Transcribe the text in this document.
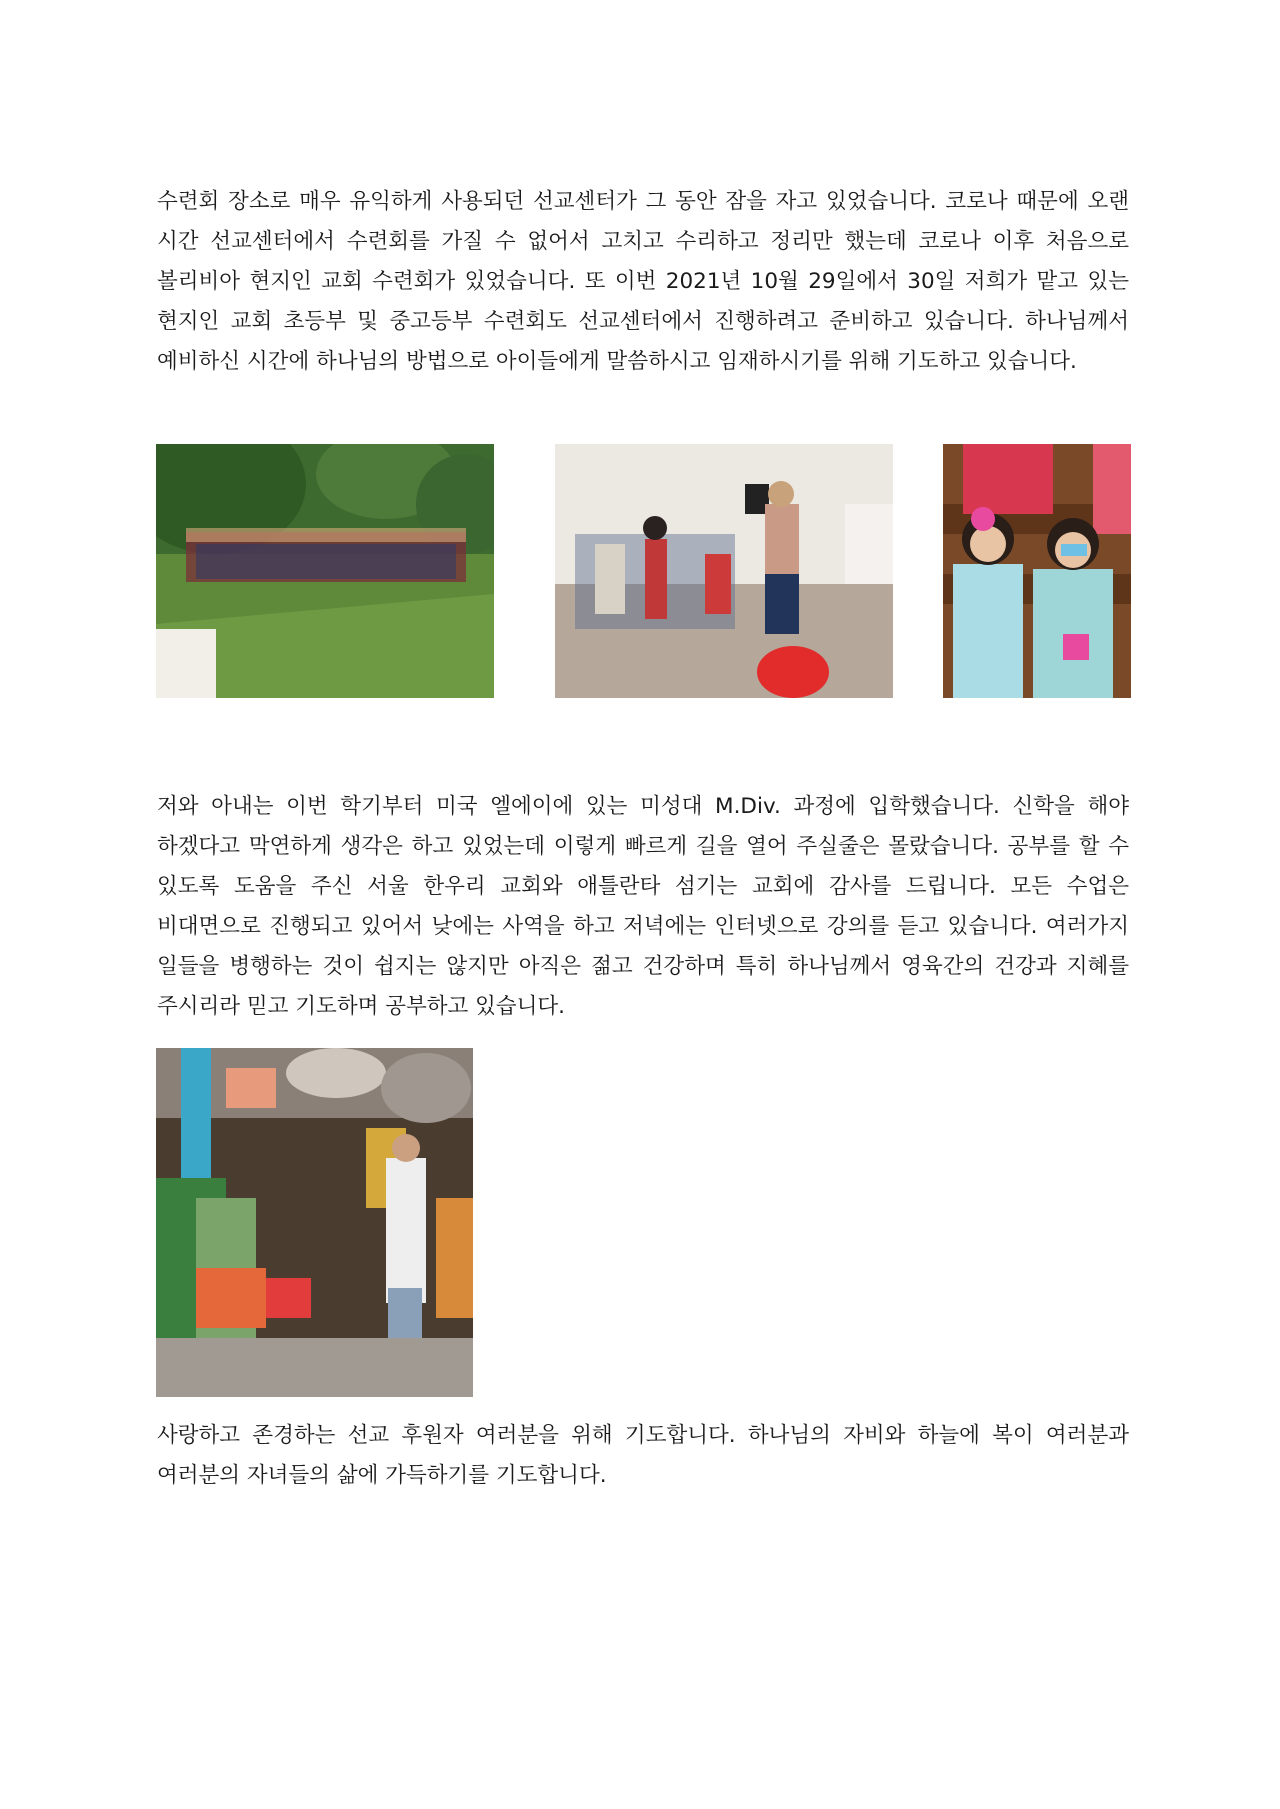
수련회 장소로 매우 유익하게 사용되던 선교센터가 그 동안 잠을 자고 있었습니다. 코로나 때문에 오랜 시간 선교센터에서 수련회를 가질 수 없어서 고치고 수리하고 정리만 했는데 코로나 이후 처음으로 볼리비아 현지인 교회 수련회가 있었습니다. 또 이번 2021년 10월 29일에서 30일 저희가 맡고 있는 현지인 교회 초등부 및 중고등부 수련회도 선교센터에서 진행하려고 준비하고 있습니다. 하나님께서 예비하신 시간에 하나님의 방법으로 아이들에게 말씀하시고 임재하시기를 위해 기도하고 있습니다.

저와 아내는 이번 학기부터 미국 엘에이에 있는 미성대 M.Div. 과정에 입학했습니다. 신학을 해야 하겠다고 막연하게 생각은 하고 있었는데 이렇게 빠르게 길을 열어 주실줄은 몰랐습니다. 공부를 할 수 있도록 도움을 주신 서울 한우리 교회와 애틀란타 섬기는 교회에 감사를 드립니다. 모든 수업은 비대면으로 진행되고 있어서 낮에는 사역을 하고 저녁에는 인터넷으로 강의를 듣고 있습니다. 여러가지 일들을 병행하는 것이 쉽지는 않지만 아직은 젊고 건강하며 특히 하나님께서 영육간의 건강과 지혜를 주시리라 믿고 기도하며 공부하고 있습니다.

사랑하고 존경하는 선교 후원자 여러분을 위해 기도합니다. 하나님의 자비와 하늘에 복이 여러분과 여러분의 자녀들의 삶에 가득하기를 기도합니다.
